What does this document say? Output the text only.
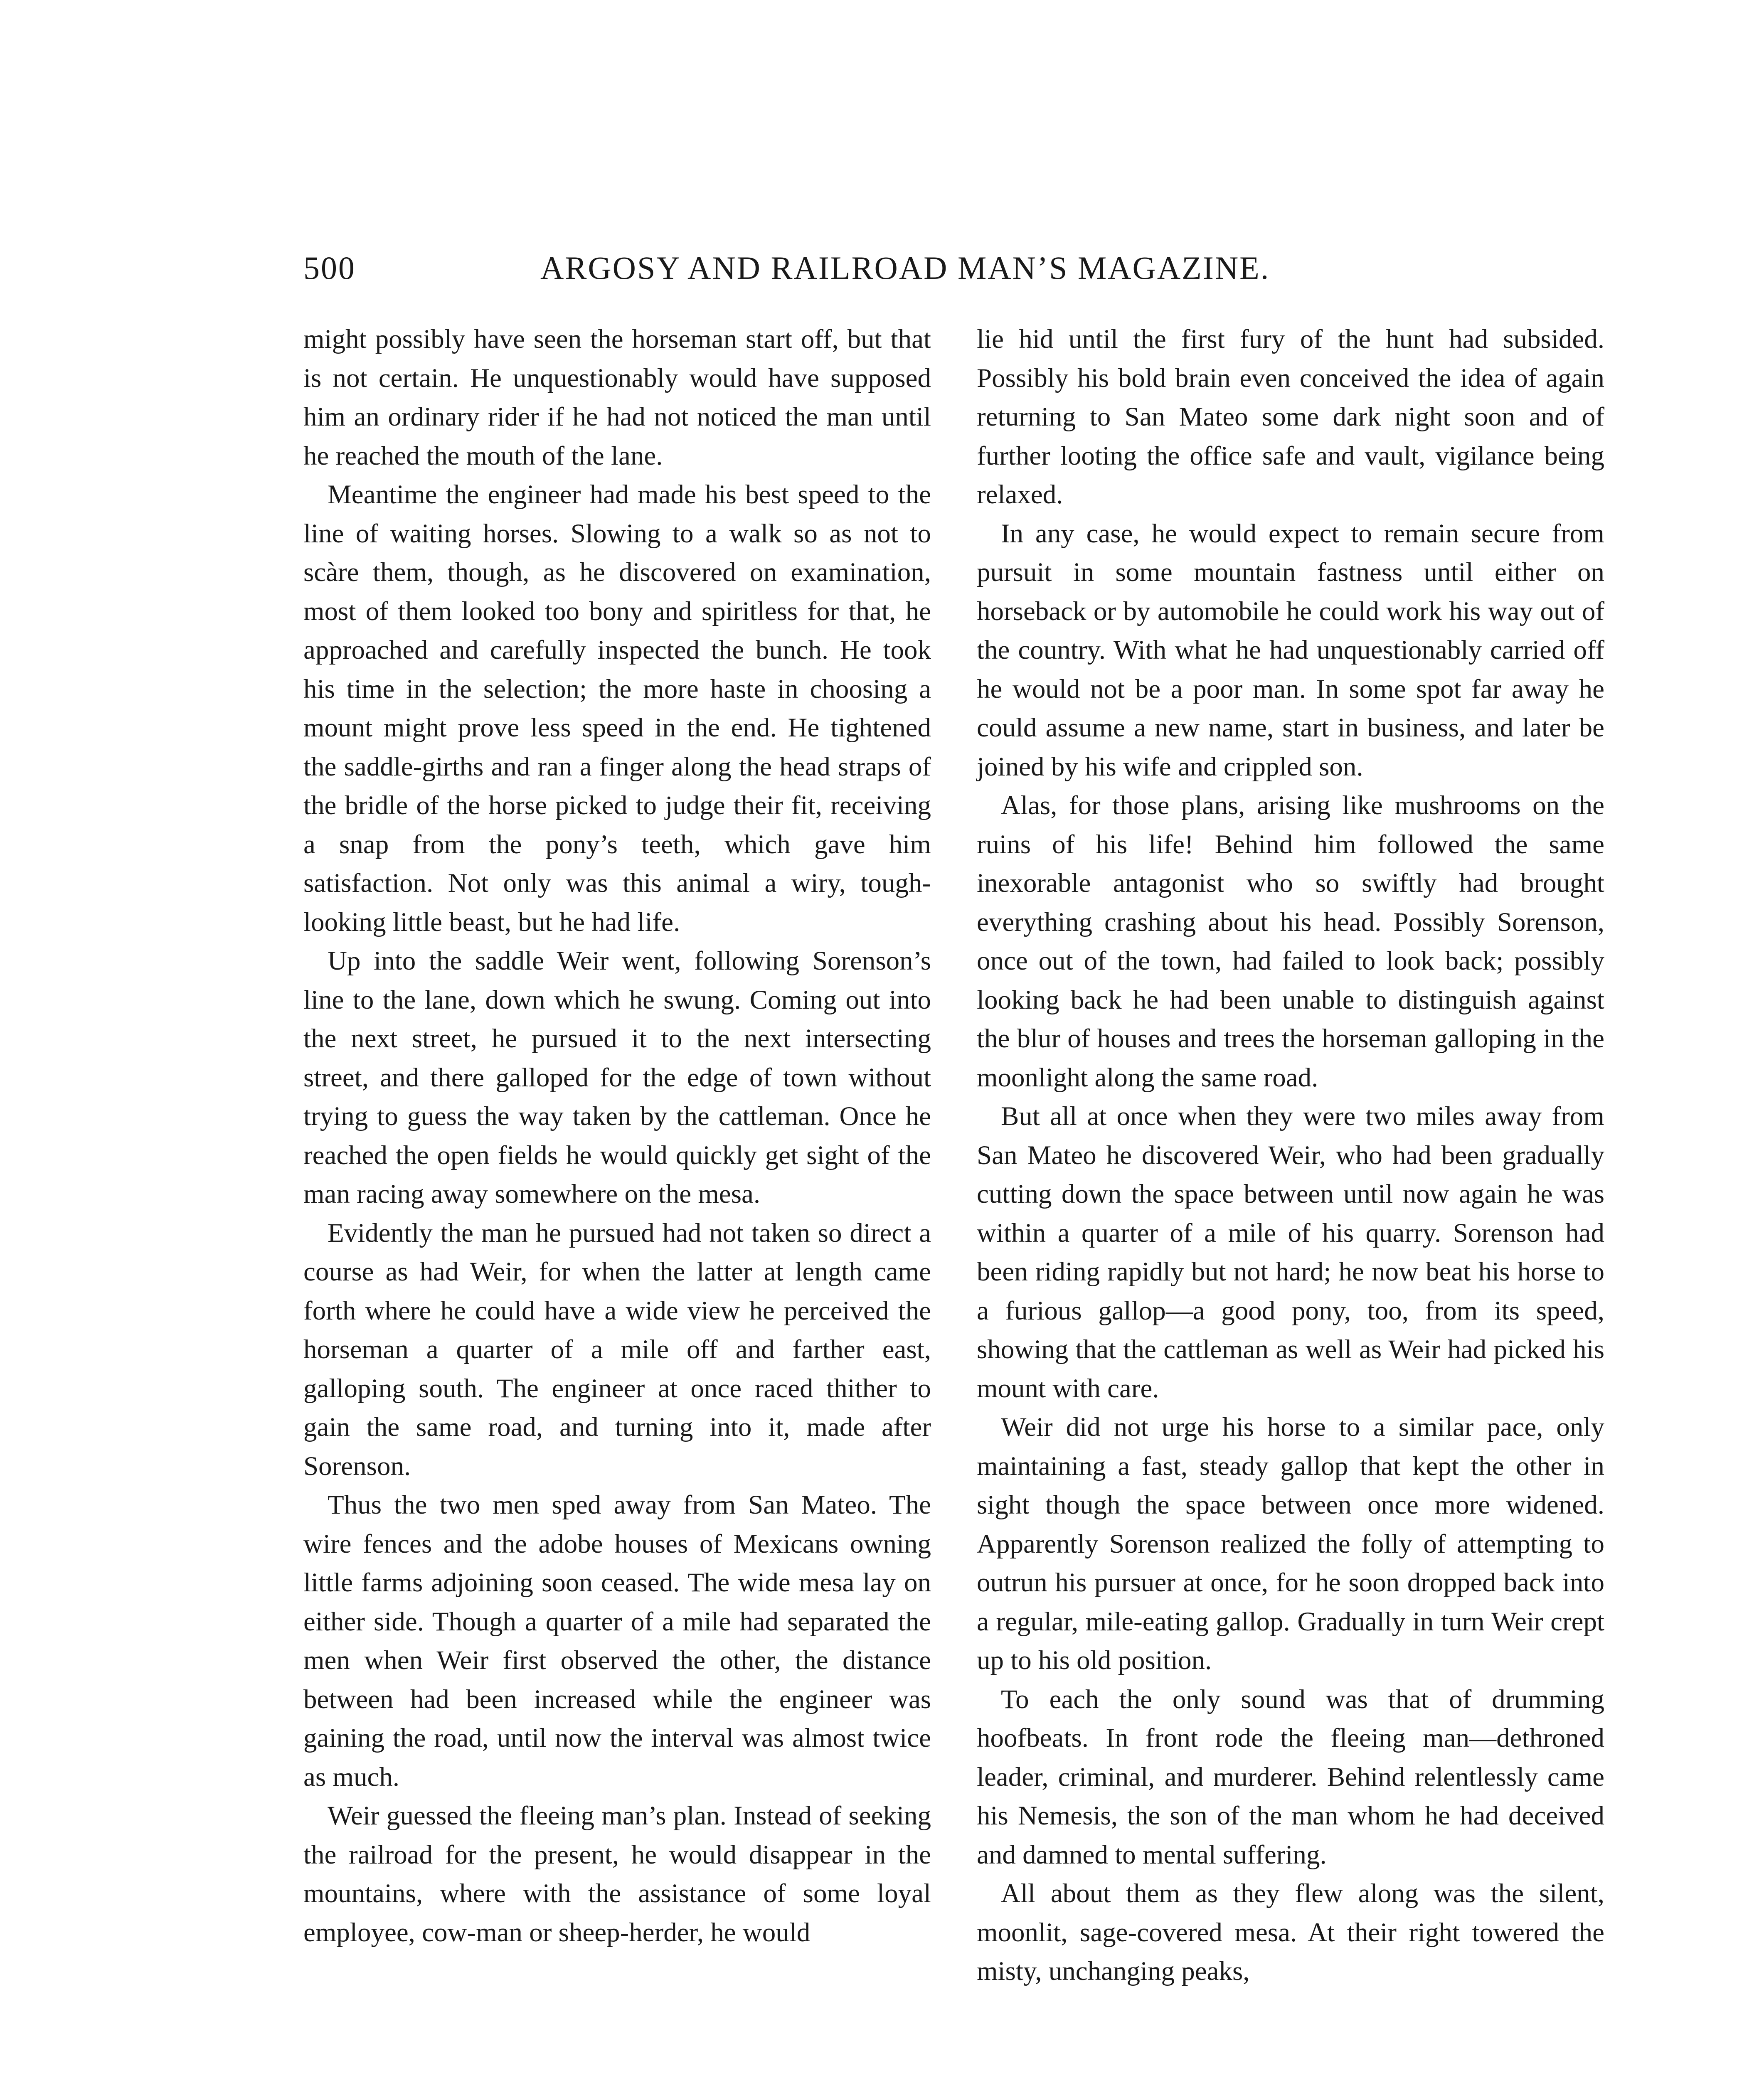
500	ARGOSY AND RAILROAD MAN’S MAGAZINE.

might possibly have seen the horseman start off, but that is not certain. He unquestionably would have supposed him an ordinary rider if he had not noticed the man until he reached the mouth of the lane.

Meantime the engineer had made his best speed to the line of waiting horses. Slowing to a walk so as not to scàre them, though, as he discovered on examination, most of them looked too bony and spiritless for that, he approached and carefully inspected the bunch. He took his time in the selection; the more haste in choosing a mount might prove less speed in the end. He tightened the saddle-girths and ran a finger along the head straps of the bridle of the horse picked to judge their fit, receiving a snap from the pony’s teeth, which gave him satisfaction. Not only was this animal a wiry, tough-looking little beast, but he had life.

Up into the saddle Weir went, following Sorenson’s line to the lane, down which he swung. Coming out into the next street, he pursued it to the next intersecting street, and there galloped for the edge of town without trying to guess the way taken by the cattleman. Once he reached the open fields he would quickly get sight of the man racing away somewhere on the mesa.

Evidently the man he pursued had not taken so direct a course as had Weir, for when the latter at length came forth where he could have a wide view he perceived the horseman a quarter of a mile off and farther east, galloping south. The engineer at once raced thither to gain the same road, and turning into it, made after Sorenson.

Thus the two men sped away from San Mateo. The wire fences and the adobe houses of Mexicans owning little farms adjoining soon ceased. The wide mesa lay on either side. Though a quarter of a mile had separated the men when Weir first observed the other, the distance between had been increased while the engineer was gaining the road, until now the interval was almost twice as much.

Weir guessed the fleeing man’s plan. Instead of seeking the railroad for the present, he would disappear in the mountains, where with the assistance of some loyal employee, cow-man or sheep-herder, he would

lie hid until the first fury of the hunt had subsided. Possibly his bold brain even conceived the idea of again returning to San Mateo some dark night soon and of further looting the office safe and vault, vigilance being relaxed.

In any case, he would expect to remain secure from pursuit in some mountain fastness until either on horseback or by automobile he could work his way out of the country. With what he had unquestionably carried off he would not be a poor man. In some spot far away he could assume a new name, start in business, and later be joined by his wife and crippled son.

Alas, for those plans, arising like mushrooms on the ruins of his life! Behind him followed the same inexorable antagonist who so swiftly had brought everything crashing about his head. Possibly Sorenson, once out of the town, had failed to look back; possibly looking back he had been unable to distinguish against the blur of houses and trees the horseman galloping in the moonlight along the same road.

But all at once when they were two miles away from San Mateo he discovered Weir, who had been gradually cutting down the space between until now again he was within a quarter of a mile of his quarry. Sorenson had been riding rapidly but not hard; he now beat his horse to a furious gallop—a good pony, too, from its speed, showing that the cattleman as well as Weir had picked his mount with care.

Weir did not urge his horse to a similar pace, only maintaining a fast, steady gallop that kept the other in sight though the space between once more widened. Apparently Sorenson realized the folly of attempting to outrun his pursuer at once, for he soon dropped back into a regular, mile-eating gallop. Gradually in turn Weir crept up to his old position.

To each the only sound was that of drumming hoofbeats. In front rode the fleeing man—dethroned leader, criminal, and murderer. Behind relentlessly came his Nemesis, the son of the man whom he had deceived and damned to mental suffering.

All about them as they flew along was the silent, moonlit, sage-covered mesa. At their right towered the misty, unchanging peaks,
